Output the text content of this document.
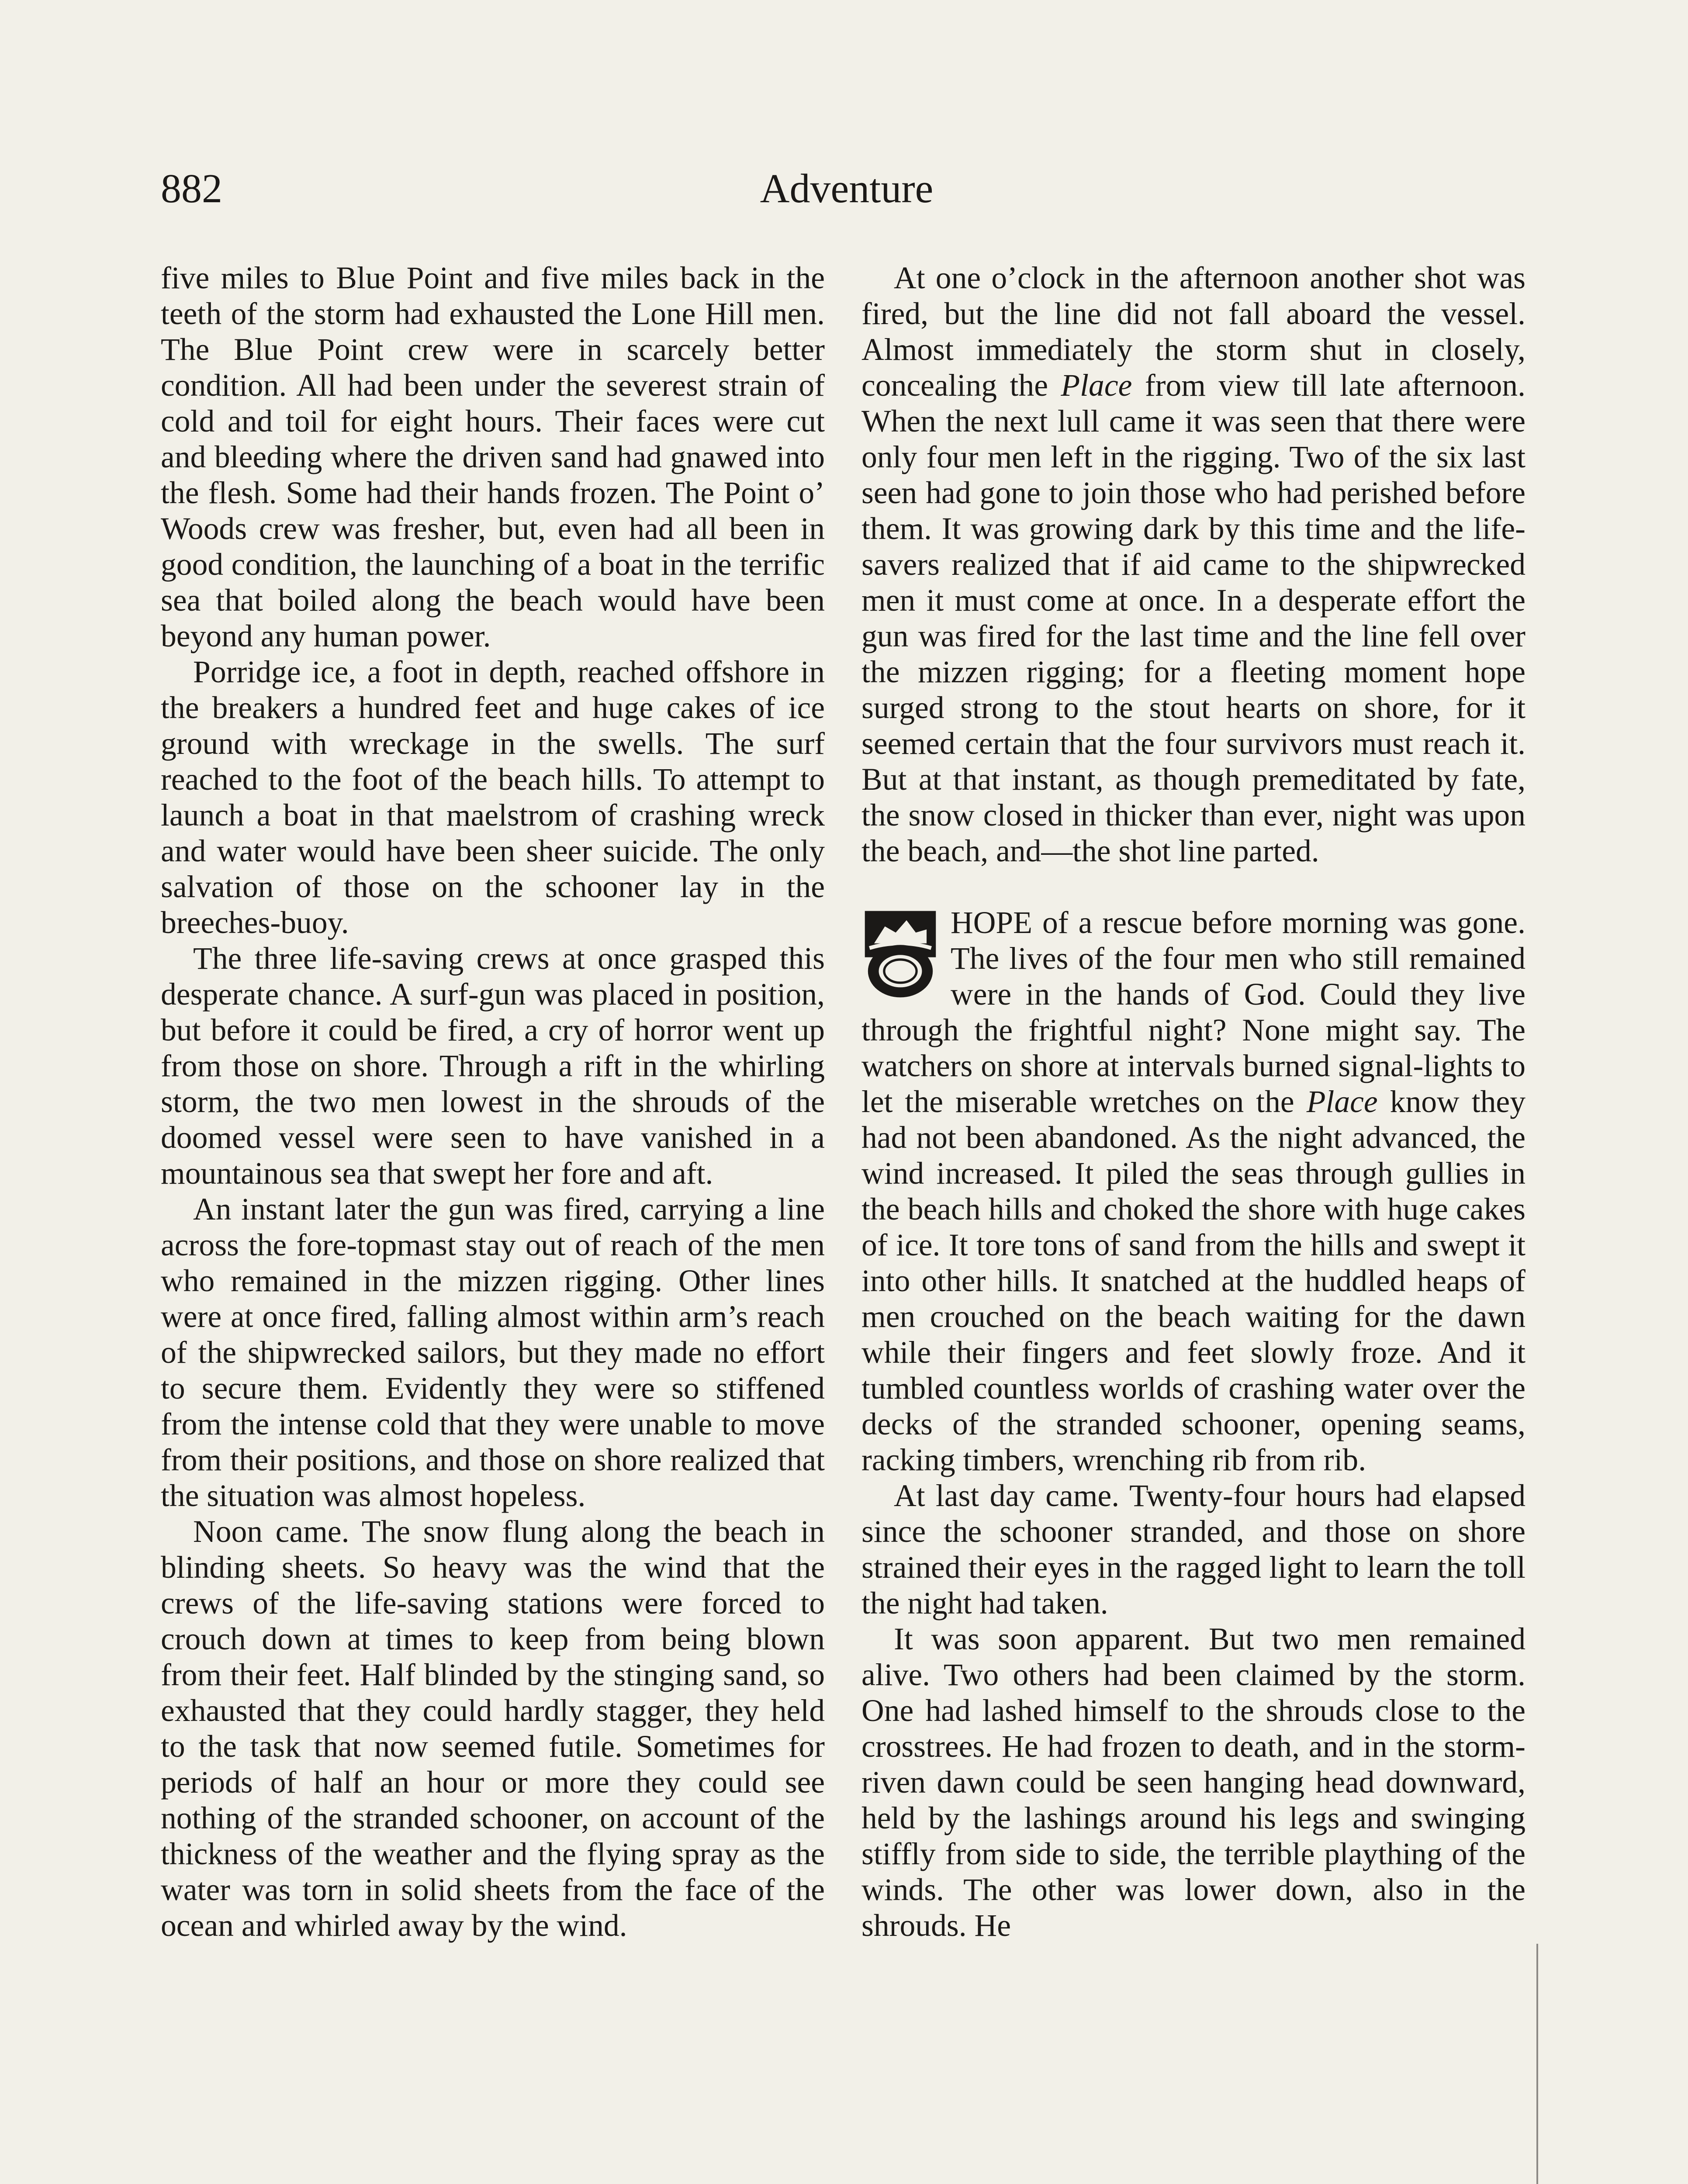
882	Adventure

five miles to Blue Point and five miles back in the teeth of the storm had exhausted the Lone Hill men. The Blue Point crew were in scarcely better condition. All had been under the severest strain of cold and toil for eight hours. Their faces were cut and bleeding where the driven sand had gnawed into the flesh. Some had their hands frozen. The Point o’ Woods crew was fresher, but, even had all been in good condition, the launching of a boat in the terrific sea that boiled along the beach would have been beyond any human power.

Porridge ice, a foot in depth, reached offshore in the breakers a hundred feet and huge cakes of ice ground with wreckage in the swells. The surf reached to the foot of the beach hills. To attempt to launch a boat in that maelstrom of crashing wreck and water would have been sheer suicide. The only salvation of those on the schooner lay in the breeches-buoy.

The three life-saving crews at once grasped this desperate chance. A surf-gun was placed in position, but before it could be fired, a cry of horror went up from those on shore. Through a rift in the whirling storm, the two men lowest in the shrouds of the doomed vessel were seen to have vanished in a mountainous sea that swept her fore and aft.

An instant later the gun was fired, carrying a line across the fore-topmast stay out of reach of the men who remained in the mizzen rigging. Other lines were at once fired, falling almost within arm’s reach of the shipwrecked sailors, but they made no effort to secure them. Evidently they were so stiffened from the intense cold that they were unable to move from their positions, and those on shore realized that the situation was almost hopeless.

Noon came. The snow flung along the beach in blinding sheets. So heavy was the wind that the crews of the life-saving stations were forced to crouch down at times to keep from being blown from their feet. Half blinded by the stinging sand, so exhausted that they could hardly stagger, they held to the task that now seemed futile. Sometimes for periods of half an hour or more they could see nothing of the stranded schooner, on account of the thickness of the weather and the flying spray as the water was torn in solid sheets from the face of the ocean and whirled away by the wind.

At one o’clock in the afternoon another shot was fired, but the line did not fall aboard the vessel. Almost immediately the storm shut in closely, concealing the Place from view till late afternoon. When the next lull came it was seen that there were only four men left in the rigging. Two of the six last seen had gone to join those who had perished before them. It was growing dark by this time and the life-savers realized that if aid came to the shipwrecked men it must come at once. In a desperate effort the gun was fired for the last time and the line fell over the mizzen rigging; for a fleeting moment hope surged strong to the stout hearts on shore, for it seemed certain that the four survivors must reach it. But at that instant, as though premeditated by fate, the snow closed in thicker than ever, night was upon the beach, and—the shot line parted.

HOPE of a rescue before morning was gone. The lives of the four men who still remained were in the hands of God. Could they live through the frightful night? None might say. The watchers on shore at intervals burned signal-lights to let the miserable wretches on the Place know they had not been abandoned. As the night advanced, the wind increased. It piled the seas through gullies in the beach hills and choked the shore with huge cakes of ice. It tore tons of sand from the hills and swept it into other hills. It snatched at the huddled heaps of men crouched on the beach waiting for the dawn while their fingers and feet slowly froze. And it tumbled countless worlds of crashing water over the decks of the stranded schooner, opening seams, racking timbers, wrenching rib from rib.

At last day came. Twenty-four hours had elapsed since the schooner stranded, and those on shore strained their eyes in the ragged light to learn the toll the night had taken.

It was soon apparent. But two men remained alive. Two others had been claimed by the storm. One had lashed himself to the shrouds close to the crosstrees. He had frozen to death, and in the storm-riven dawn could be seen hanging head downward, held by the lashings around his legs and swinging stiffly from side to side, the terrible plaything of the winds. The other was lower down, also in the shrouds. He
